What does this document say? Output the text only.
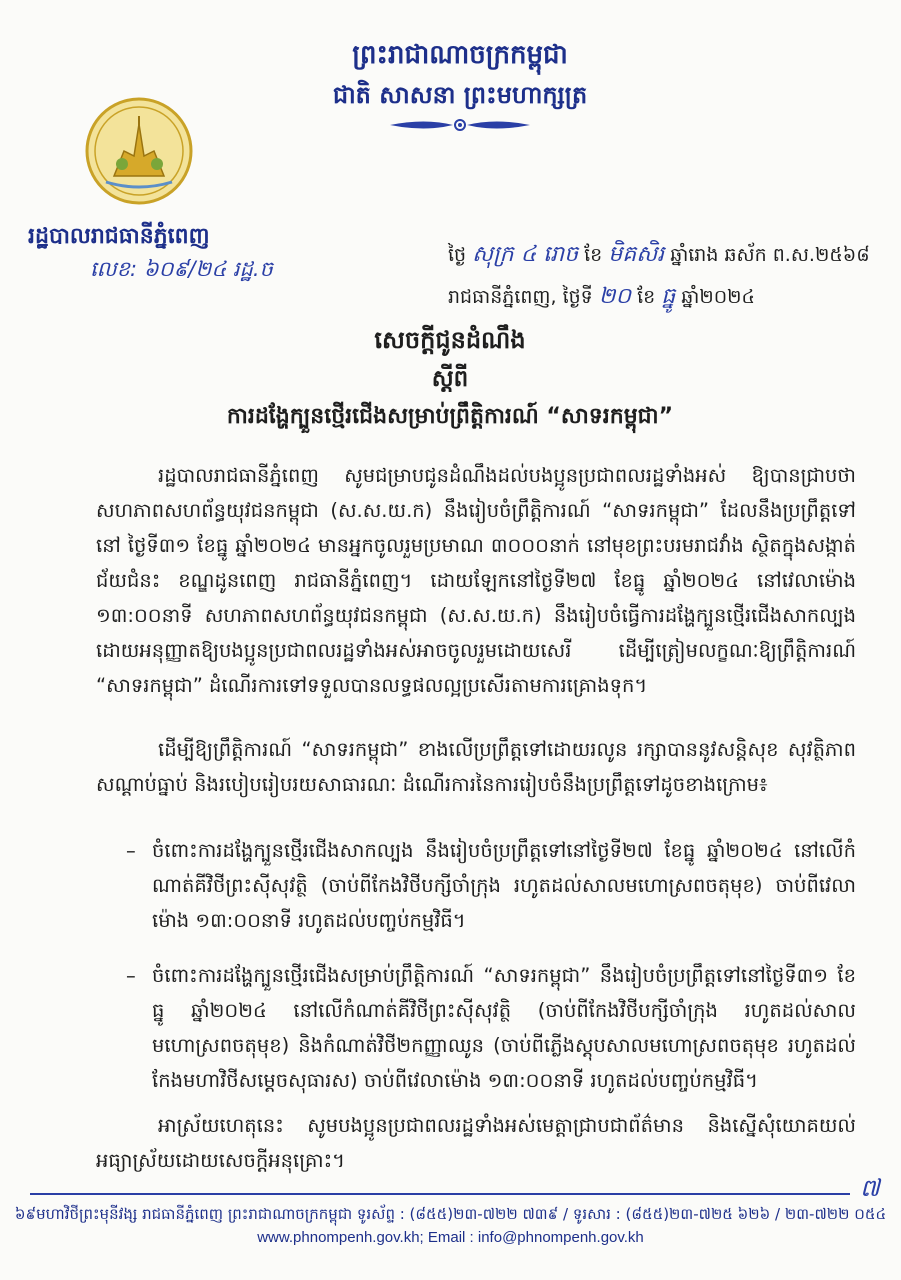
ព្រះរាជាណាចក្រកម្ពុជា
ជាតិ សាសនា ព្រះមហាក្សត្រ
រដ្ឋបាលរាជធានីភ្នំពេញ
លេខ: ៦០៩/២៤ រដ្ឋ.ច
ថ្ងៃ សុក្រ ៤ រោច ខែ មិគសិរ ឆ្នាំរោង ឆស័ក ព.ស.២៥៦៨
រាជធានីភ្នំពេញ, ថ្ងៃទី ២០ ខែ ធ្នូ ឆ្នាំ២០២៤
សេចក្តីជូនដំណឹង
ស្តីពី
ការដង្ហែក្បួនថ្មើរជើងសម្រាប់ព្រឹត្តិការណ៍ “សាទរកម្ពុជា”
រដ្ឋបាលរាជធានីភ្នំពេញ សូមជម្រាបជូនដំណឹងដល់បងប្អូនប្រជាពលរដ្ឋទាំងអស់ ឱ្យបានជ្រាបថា សហភាពសហព័ន្ធយុវជនកម្ពុជា (ស.ស.យ.ក) នឹងរៀបចំព្រឹត្តិការណ៍ “សាទរកម្ពុជា” ដែលនឹងប្រព្រឹត្តទៅនៅ ថ្ងៃទី៣១ ខែធ្នូ ឆ្នាំ២០២៤ មានអ្នកចូលរួមប្រមាណ ៣០០០នាក់ នៅមុខព្រះបរមរាជវាំង ស្ថិតក្នុងសង្កាត់ ជ័យជំនះ ខណ្ឌដូនពេញ រាជធានីភ្នំពេញ។ ដោយឡែកនៅថ្ងៃទី២៧ ខែធ្នូ ឆ្នាំ២០២៤ នៅវេលាម៉ោង ១៣:០០នាទី សហភាពសហព័ន្ធយុវជនកម្ពុជា (ស.ស.យ.ក) នឹងរៀបចំធ្វើការដង្ហែក្បួនថ្មើរជើងសាកល្បង ដោយអនុញ្ញាតឱ្យបងប្អូនប្រជាពលរដ្ឋទាំងអស់អាចចូលរួមដោយសេរី ដើម្បីត្រៀមលក្ខណៈឱ្យព្រឹត្តិការណ៍ “សាទរកម្ពុជា” ដំណើរការទៅទទួលបានលទ្ធផលល្អប្រសើរតាមការគ្រោងទុក។
ដើម្បីឱ្យព្រឹត្តិការណ៍ “សាទរកម្ពុជា” ខាងលើប្រព្រឹត្តទៅដោយរលូន រក្សាបាននូវសន្តិសុខ សុវត្ថិភាព សណ្តាប់ធ្នាប់ និងរបៀបរៀបរយសាធារណៈ ដំណើរការនៃការរៀបចំនឹងប្រព្រឹត្តទៅដូចខាងក្រោម៖
– ចំពោះការដង្ហែក្បួនថ្មើរជើងសាកល្បង នឹងរៀបចំប្រព្រឹត្តទៅនៅថ្ងៃទី២៧ ខែធ្នូ ឆ្នាំ២០២៤ នៅលើកំណាត់គីវិថីព្រះស៊ីសុវត្ថិ (ចាប់ពីកែងវិថីបក្សីចាំក្រុង រហូតដល់សាលមហោស្រពចតុមុខ) ចាប់ពីវេលាម៉ោង ១៣:០០នាទី រហូតដល់បញ្ចប់កម្មវិធី។
– ចំពោះការដង្ហែក្បួនថ្មើរជើងសម្រាប់ព្រឹត្តិការណ៍ “សាទរកម្ពុជា” នឹងរៀបចំប្រព្រឹត្តទៅនៅថ្ងៃទី៣១ ខែធ្នូ ឆ្នាំ២០២៤ នៅលើកំណាត់គីវិថីព្រះស៊ីសុវត្ថិ (ចាប់ពីកែងវិថីបក្សីចាំក្រុង រហូតដល់សាល មហោស្រពចតុមុខ) និងកំណាត់វិថី២កញ្ញាឈូន (ចាប់ពីភ្លើងស្តុបសាលមហោស្រពចតុមុខ រហូតដល់ កែងមហាវិថីសម្តេចសុធារស) ចាប់ពីវេលាម៉ោង ១៣:០០នាទី រហូតដល់បញ្ចប់កម្មវិធី។
អាស្រ័យហេតុនេះ សូមបងប្អូនប្រជាពលរដ្ឋទាំងអស់មេត្តាជ្រាបជាព័ត៌មាន និងស្នើសុំយោគយល់ អធ្យាស្រ័យដោយសេចក្តីអនុគ្រោះ។
៧
៦៩មហាវិថីព្រះមុនីវង្ស រាជធានីភ្នំពេញ ព្រះរាជាណាចក្រកម្ពុជា ទូរស័ព្ទ : (៨៥៥)២៣-៧២២ ៧៣៩ / ទូរសារ : (៨៥៥)២៣-៧២៥ ៦២៦ / ២៣-៧២២ ០៥៤
www.phnompenh.gov.kh; Email : info@phnompenh.gov.kh
